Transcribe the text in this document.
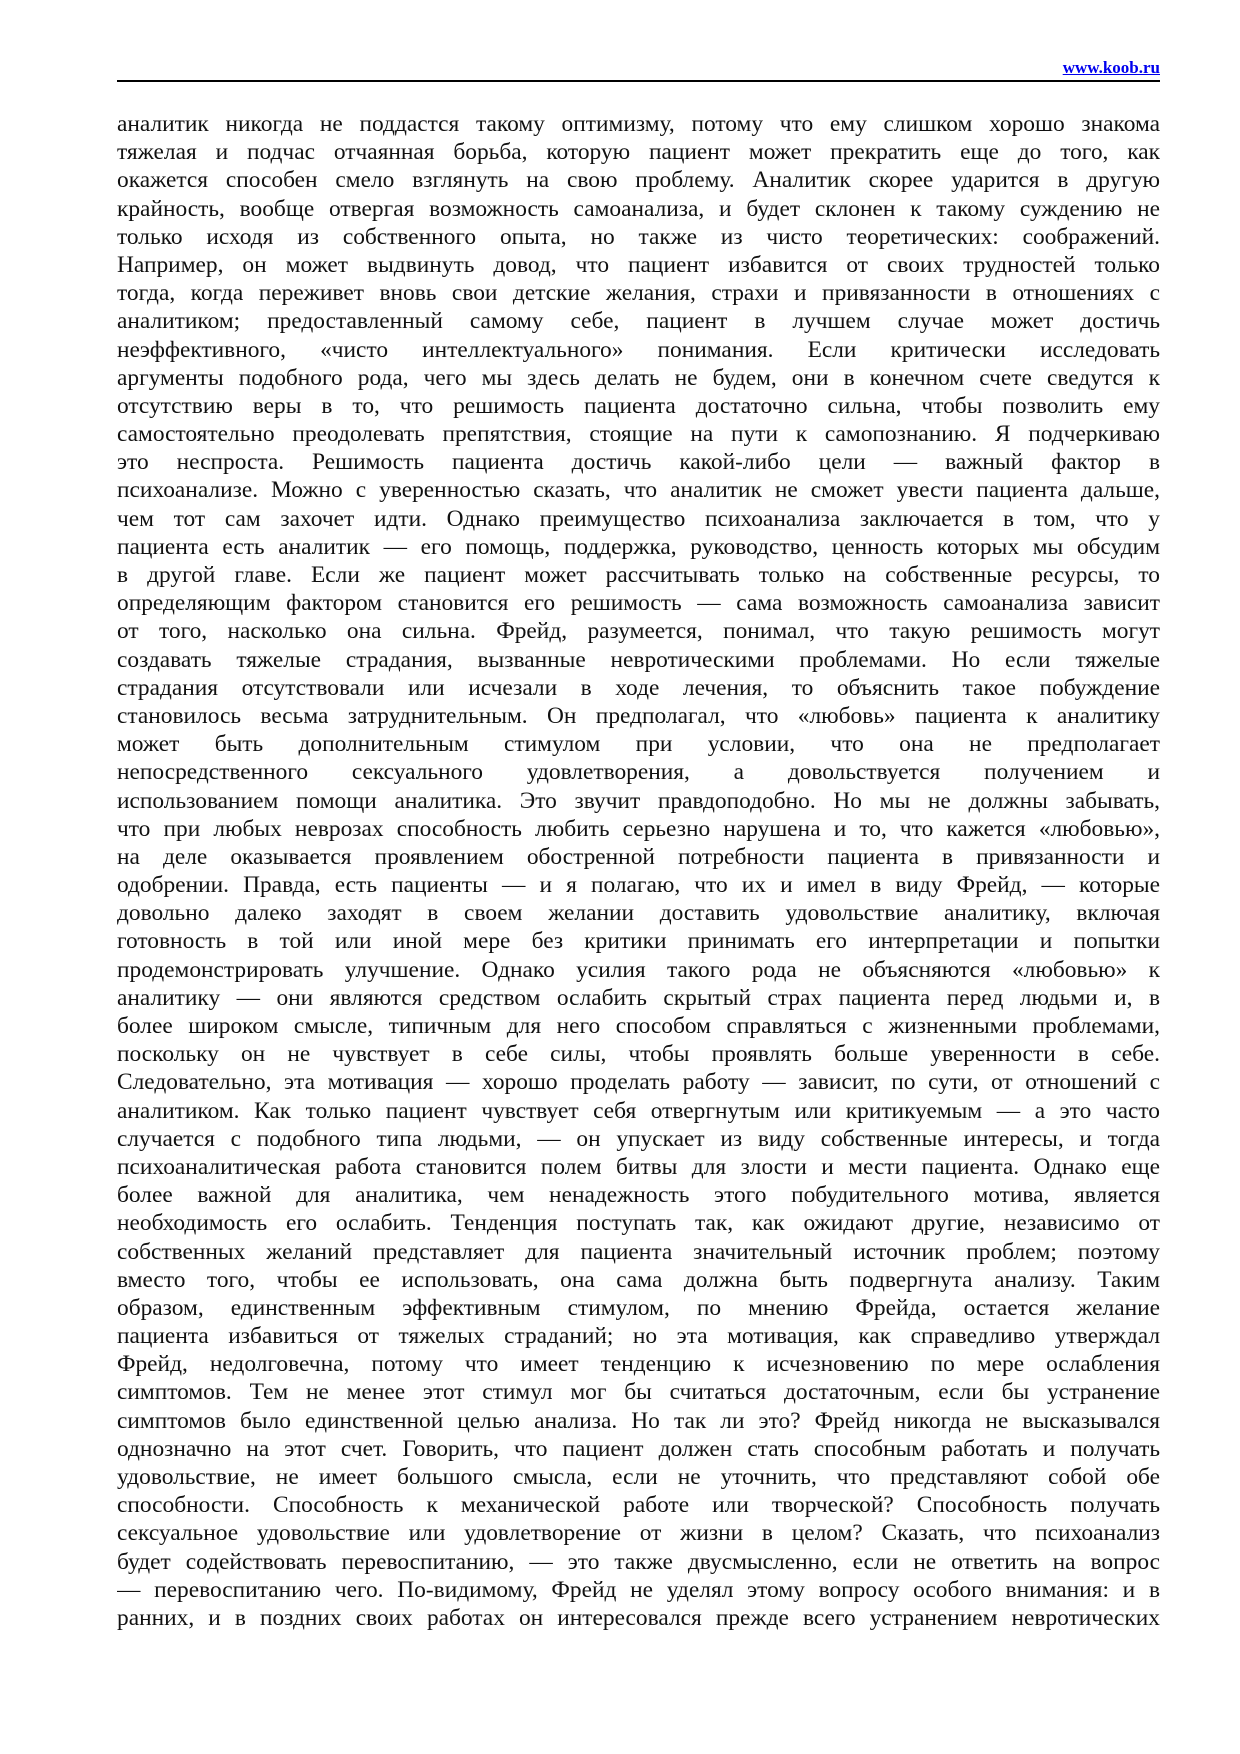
www.koob.ru
аналитик никогда не поддастся такому оптимизму, потому что ему слишком хорошо знакома
тяжелая и подчас отчаянная борьба, которую пациент может прекратить еще до того, как
окажется способен смело взглянуть на свою проблему. Аналитик скорее ударится в другую
крайность, вообще отвергая возможность самоанализа, и будет склонен к такому суждению не
только исходя из собственного опыта, но также из чисто теоретических: соображений.
Например, он может выдвинуть довод, что пациент избавится от своих трудностей только
тогда, когда переживет вновь свои детские желания, страхи и привязанности в отношениях с
аналитиком; предоставленный самому себе, пациент в лучшем случае может достичь
неэффективного, «чисто интеллектуального» понимания. Если критически исследовать
аргументы подобного рода, чего мы здесь делать не будем, они в конечном счете сведутся к
отсутствию веры в то, что решимость пациента достаточно сильна, чтобы позволить ему
самостоятельно преодолевать препятствия, стоящие на пути к самопознанию. Я подчеркиваю
это неспроста. Решимость пациента достичь какой-либо цели — важный фактор в
психоанализе. Можно с уверенностью сказать, что аналитик не сможет увести пациента дальше,
чем тот сам захочет идти. Однако преимущество психоанализа заключается в том, что у
пациента есть аналитик — его помощь, поддержка, руководство, ценность которых мы обсудим
в другой главе. Если же пациент может рассчитывать только на собственные ресурсы, то
определяющим фактором становится его решимость — сама возможность самоанализа зависит
от того, насколько она сильна. Фрейд, разумеется, понимал, что такую решимость могут
создавать тяжелые страдания, вызванные невротическими проблемами. Но если тяжелые
страдания отсутствовали или исчезали в ходе лечения, то объяснить такое побуждение
становилось весьма затруднительным. Он предполагал, что «любовь» пациента к аналитику
может быть дополнительным стимулом при условии, что она не предполагает
непосредственного сексуального удовлетворения, а довольствуется получением и
использованием помощи аналитика. Это звучит правдоподобно. Но мы не должны забывать,
что при любых неврозах способность любить серьезно нарушена и то, что кажется «любовью»,
на деле оказывается проявлением обостренной потребности пациента в привязанности и
одобрении. Правда, есть пациенты — и я полагаю, что их и имел в виду Фрейд, — которые
довольно далеко заходят в своем желании доставить удовольствие аналитику, включая
готовность в той или иной мере без критики принимать его интерпретации и попытки
продемонстрировать улучшение. Однако усилия такого рода не объясняются «любовью» к
аналитику — они являются средством ослабить скрытый страх пациента перед людьми и, в
более широком смысле, типичным для него способом справляться с жизненными проблемами,
поскольку он не чувствует в себе силы, чтобы проявлять больше уверенности в себе.
Следовательно, эта мотивация — хорошо проделать работу — зависит, по сути, от отношений с
аналитиком. Как только пациент чувствует себя отвергнутым или критикуемым — а это часто
случается с подобного типа людьми, — он упускает из виду собственные интересы, и тогда
психоаналитическая работа становится полем битвы для злости и мести пациента. Однако еще
более важной для аналитика, чем ненадежность этого побудительного мотива, является
необходимость его ослабить. Тенденция поступать так, как ожидают другие, независимо от
собственных желаний представляет для пациента значительный источник проблем; поэтому
вместо того, чтобы ее использовать, она сама должна быть подвергнута анализу. Таким
образом, единственным эффективным стимулом, по мнению Фрейда, остается желание
пациента избавиться от тяжелых страданий; но эта мотивация, как справедливо утверждал
Фрейд, недолговечна, потому что имеет тенденцию к исчезновению по мере ослабления
симптомов. Тем не менее этот стимул мог бы считаться достаточным, если бы устранение
симптомов было единственной целью анализа. Но так ли это? Фрейд никогда не высказывался
однозначно на этот счет. Говорить, что пациент должен стать способным работать и получать
удовольствие, не имеет большого смысла, если не уточнить, что представляют собой обе
способности. Способность к механической работе или творческой? Способность получать
сексуальное удовольствие или удовлетворение от жизни в целом? Сказать, что психоанализ
будет содействовать перевоспитанию, — это также двусмысленно, если не ответить на вопрос
— перевоспитанию чего. По-видимому, Фрейд не уделял этому вопросу особого внимания: и в
ранних, и в поздних своих работах он интересовался прежде всего устранением невротических
